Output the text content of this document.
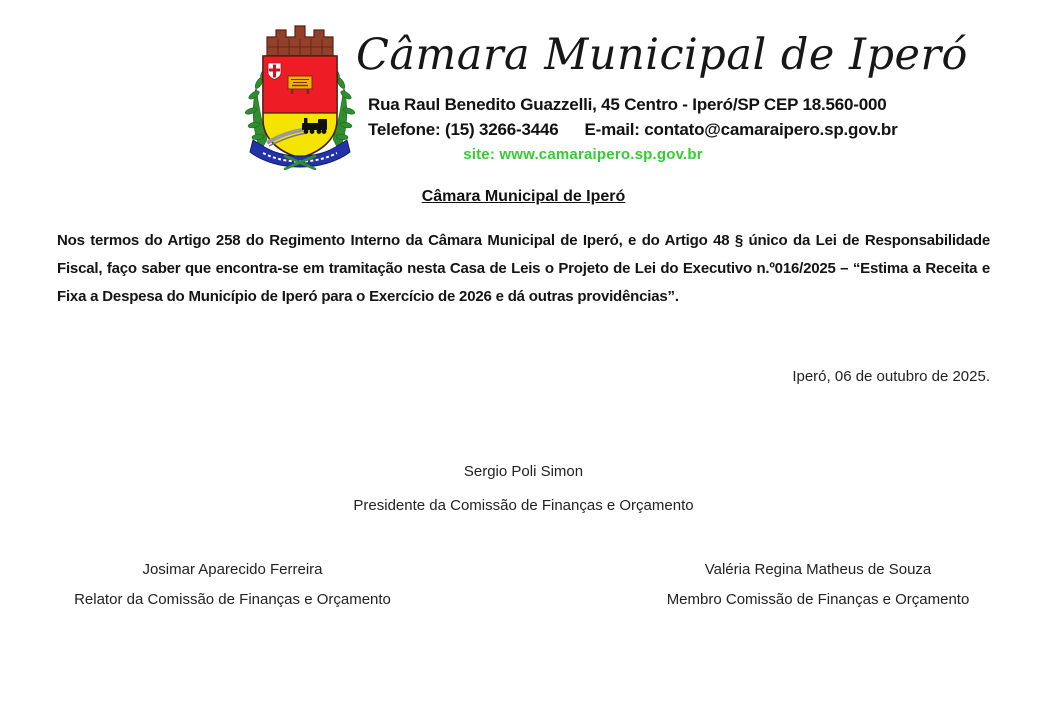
Câmara Municipal de Iperó
Rua Raul Benedito Guazzelli, 45 Centro - Iperó/SP CEP 18.560-000
Telefone: (15) 3266-3446 E-mail: contato@camaraipero.sp.gov.br
site: www.camaraipero.sp.gov.br
Câmara Municipal de Iperó
Nos termos do Artigo 258 do Regimento Interno da Câmara Municipal de Iperó, e do Artigo 48 § único da Lei de Responsabilidade Fiscal, faço saber que encontra-se em tramitação nesta Casa de Leis o Projeto de Lei do Executivo n.º016/2025 – “Estima a Receita e Fixa a Despesa do Município de Iperó para o Exercício de 2026 e dá outras providências”.
Iperó, 06 de outubro de 2025.
Sergio Poli Simon
Presidente da Comissão de Finanças e Orçamento
Josimar Aparecido Ferreira
Relator da Comissão de Finanças e Orçamento
Valéria Regina Matheus de Souza
Membro Comissão de Finanças e Orçamento
